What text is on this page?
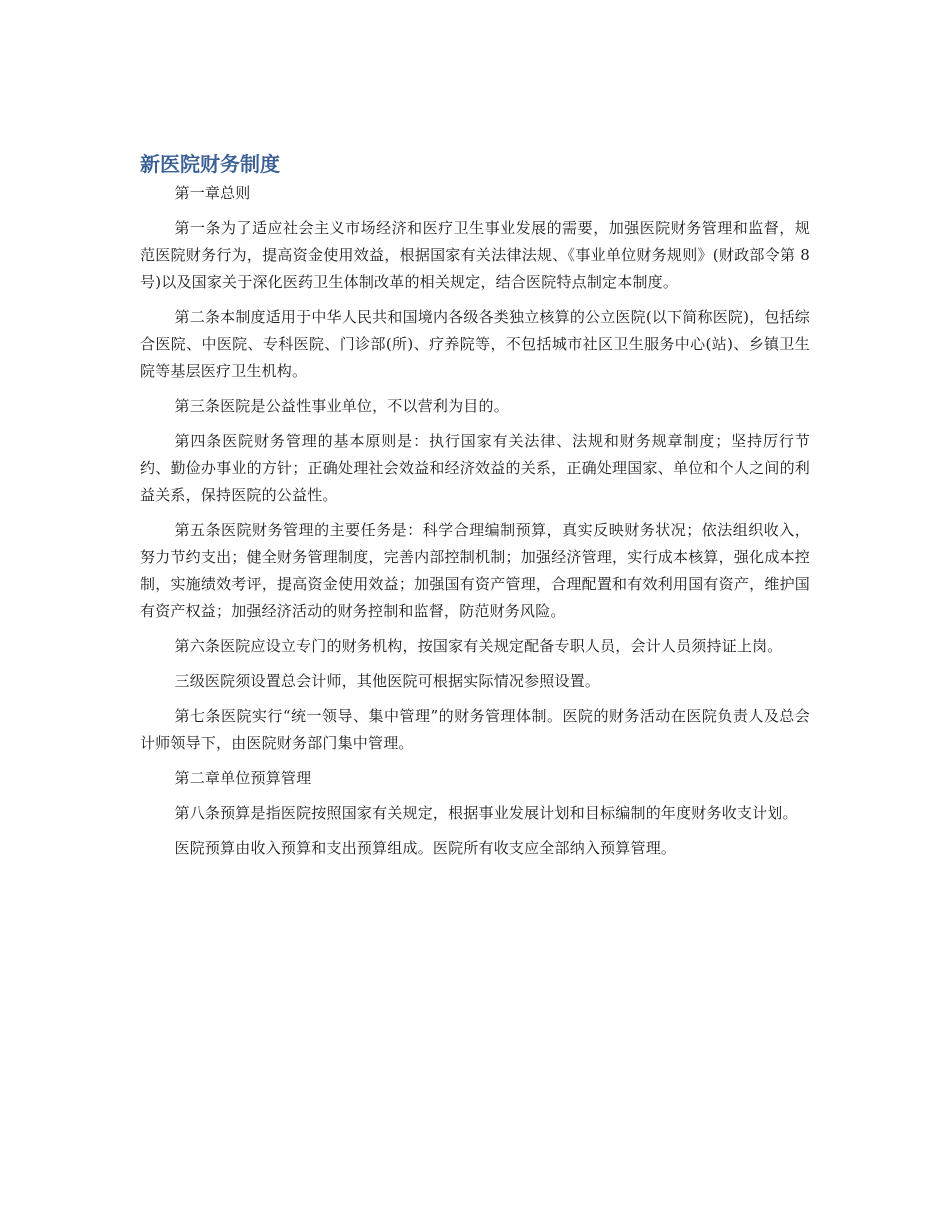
新医院财务制度

第一章总则

第一条为了适应社会主义市场经济和医疗卫生事业发展的需要，加强医院财务管理和监督，规范医院财务行为，提高资金使用效益，根据国家有关法律法规、《事业单位财务规则》(财政部令第 8 号)以及国家关于深化医药卫生体制改革的相关规定，结合医院特点制定本制度。

第二条本制度适用于中华人民共和国境内各级各类独立核算的公立医院(以下简称医院)，包括综合医院、中医院、专科医院、门诊部(所)、疗养院等，不包括城市社区卫生服务中心(站)、乡镇卫生院等基层医疗卫生机构。

第三条医院是公益性事业单位，不以营利为目的。

第四条医院财务管理的基本原则是：执行国家有关法律、法规和财务规章制度；坚持厉行节约、勤俭办事业的方针；正确处理社会效益和经济效益的关系，正确处理国家、单位和个人之间的利益关系，保持医院的公益性。

第五条医院财务管理的主要任务是：科学合理编制预算，真实反映财务状况；依法组织收入，努力节约支出；健全财务管理制度，完善内部控制机制；加强经济管理，实行成本核算，强化成本控制，实施绩效考评，提高资金使用效益；加强国有资产管理，合理配置和有效利用国有资产，维护国有资产权益；加强经济活动的财务控制和监督，防范财务风险。

第六条医院应设立专门的财务机构，按国家有关规定配备专职人员，会计人员须持证上岗。

三级医院须设置总会计师，其他医院可根据实际情况参照设置。

第七条医院实行“统一领导、集中管理”的财务管理体制。医院的财务活动在医院负责人及总会计师领导下，由医院财务部门集中管理。

第二章单位预算管理

第八条预算是指医院按照国家有关规定，根据事业发展计划和目标编制的年度财务收支计划。

医院预算由收入预算和支出预算组成。医院所有收支应全部纳入预算管理。
